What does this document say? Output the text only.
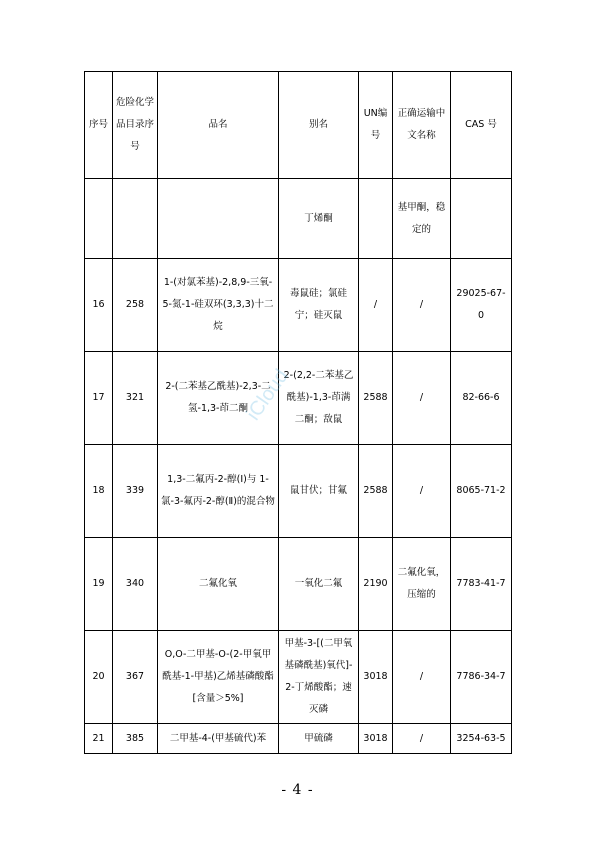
序号	危险化学品目录序号	品名	别名	UN编号	正确运输中文名称	CAS 号
			丁烯酮		基甲酮，稳定的	
16	258	1-(对氯苯基)-2,8,9-三氧-5-氮-1-硅双环(3,3,3)十二烷	毒鼠硅；氯硅宁；硅灭鼠	/	/	29025-67-0
17	321	2-(二苯基乙酰基)-2,3-二氢-1,3-茚二酮	2-(2,2-二苯基乙酰基)-1,3-茚满二酮；敌鼠	2588	/	82-66-6
18	339	1,3-二氟丙-2-醇(Ⅰ)与 1-氯-3-氟丙-2-醇(Ⅱ)的混合物	鼠甘伏；甘氟	2588	/	8065-71-2
19	340	二氟化氧	一氧化二氟	2190	二氟化氧，压缩的	7783-41-7
20	367	O,O-二甲基-O-(2-甲氧甲酰基-1-甲基)乙烯基磷酸酯[含量＞5%]	甲基-3-[(二甲氧基磷酰基)氧代]-2-丁烯酸酯；速灭磷	3018	/	7786-34-7
21	385	二甲基-4-(甲基硫代)苯	甲硫磷	3018	/	3254-63-5
- 4 -
iCloud
